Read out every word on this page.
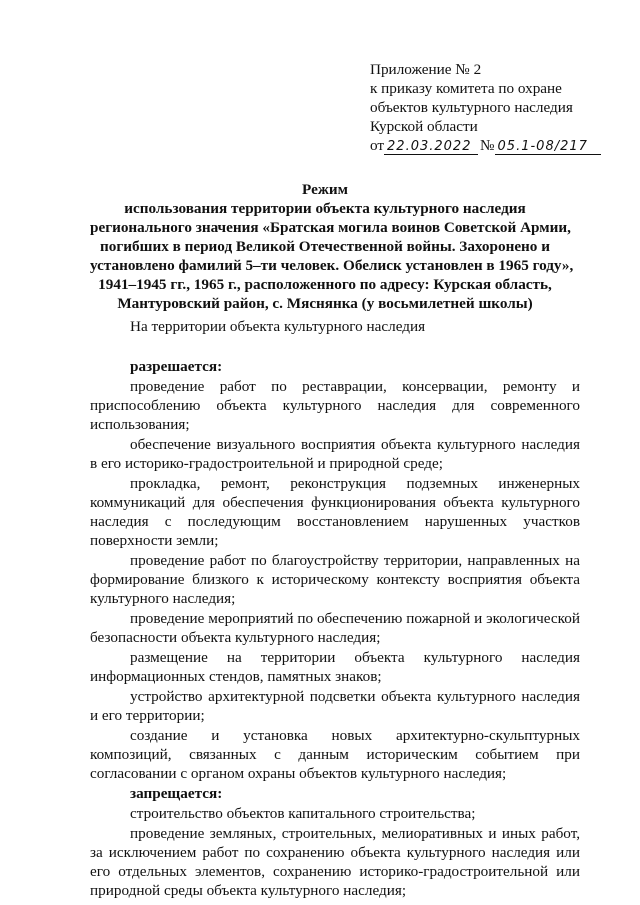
Приложение № 2
к приказу комитета по охране
объектов культурного наследия
Курской области
от 22.03.2022 № 05.1-08/217
Режим
использования территории объекта культурного наследия
регионального значения «Братская могила воинов Советской Армии,
погибших в период Великой Отечественной войны. Захоронено и
установлено фамилий 5–ти человек. Обелиск установлен в 1965 году»,
1941–1945 гг., 1965 г., расположенного по адресу: Курская область,
Мантуровский район, с. Мяснянка (у восьмилетней школы)

На территории объекта культурного наследия

разрешается:

проведение работ по реставрации, консервации, ремонту и приспособлению объекта культурного наследия для современного использования;

обеспечение визуального восприятия объекта культурного наследия в его историко-градостроительной и природной среде;

прокладка, ремонт, реконструкция подземных инженерных коммуникаций для обеспечения функционирования объекта культурного наследия с последующим восстановлением нарушенных участков поверхности земли;

проведение работ по благоустройству территории, направленных на формирование близкого к историческому контексту восприятия объекта культурного наследия;

проведение мероприятий по обеспечению пожарной и экологической безопасности объекта культурного наследия;

размещение на территории объекта культурного наследия информационных стендов, памятных знаков;

устройство архитектурной подсветки объекта культурного наследия и его территории;

создание и установка новых архитектурно-скульптурных композиций, связанных с данным историческим событием при согласовании с органом охраны объектов культурного наследия;

запрещается:

строительство объектов капитального строительства;

проведение земляных, строительных, мелиоративных и иных работ, за исключением работ по сохранению объекта культурного наследия или его отдельных элементов, сохранению историко-градостроительной или природной среды объекта культурного наследия;
